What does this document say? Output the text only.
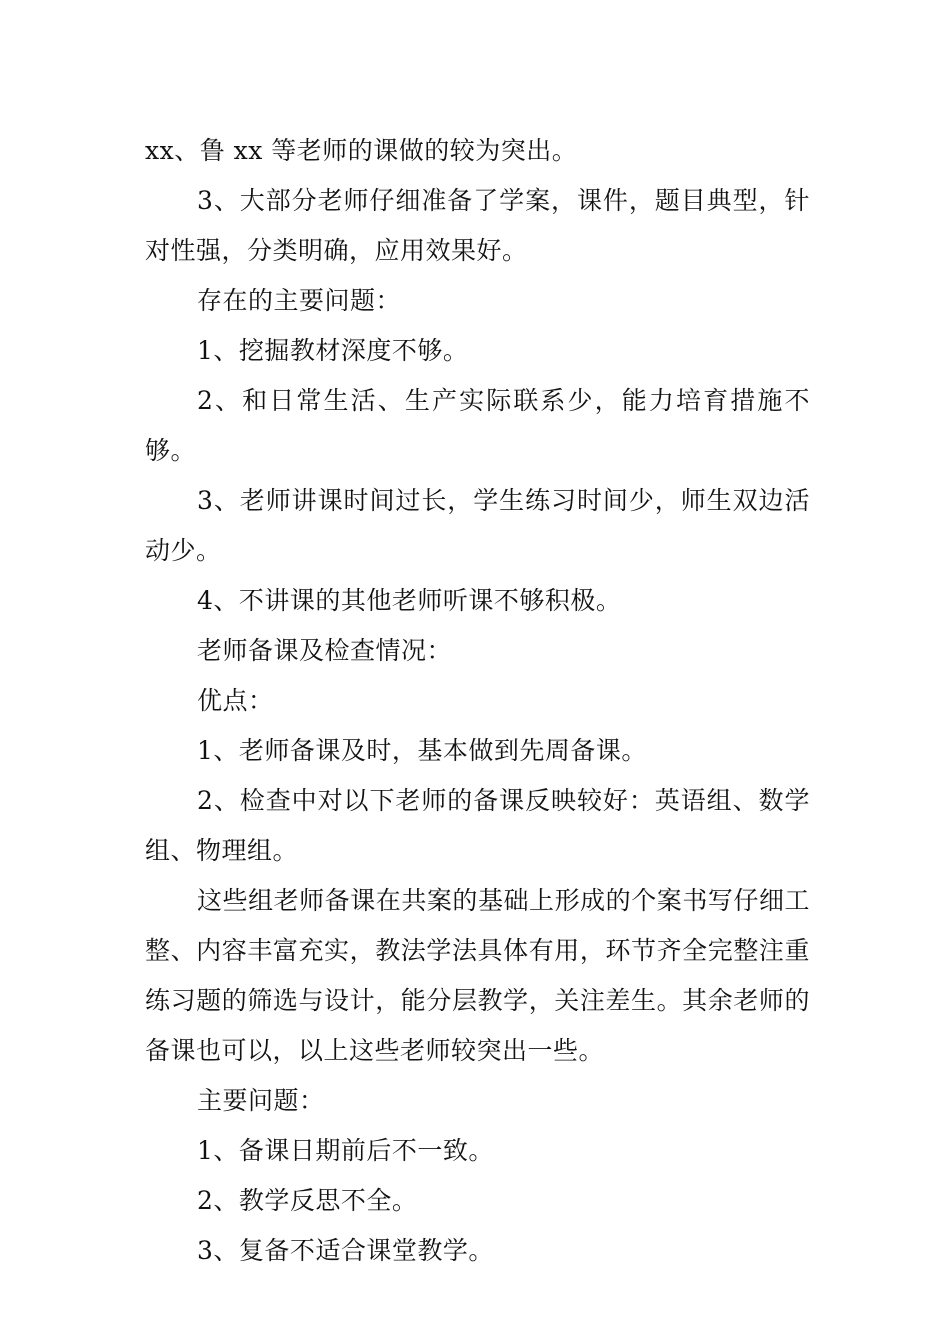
xx、鲁 xx 等老师的课做的较为突出。

3、大部分老师仔细准备了学案，课件，题目典型，针对性强，分类明确，应用效果好。

存在的主要问题：

1、挖掘教材深度不够。

2、和日常生活、生产实际联系少，能力培育措施不够。

3、老师讲课时间过长，学生练习时间少，师生双边活动少。

4、不讲课的其他老师听课不够积极。

老师备课及检查情况：

优点：

1、老师备课及时，基本做到先周备课。

2、检查中对以下老师的备课反映较好：英语组、数学组、物理组。

这些组老师备课在共案的基础上形成的个案书写仔细工整、内容丰富充实，教法学法具体有用，环节齐全完整注重练习题的筛选与设计，能分层教学，关注差生。其余老师的备课也可以，以上这些老师较突出一些。

主要问题：

1、备课日期前后不一致。

2、教学反思不全。

3、复备不适合课堂教学。
